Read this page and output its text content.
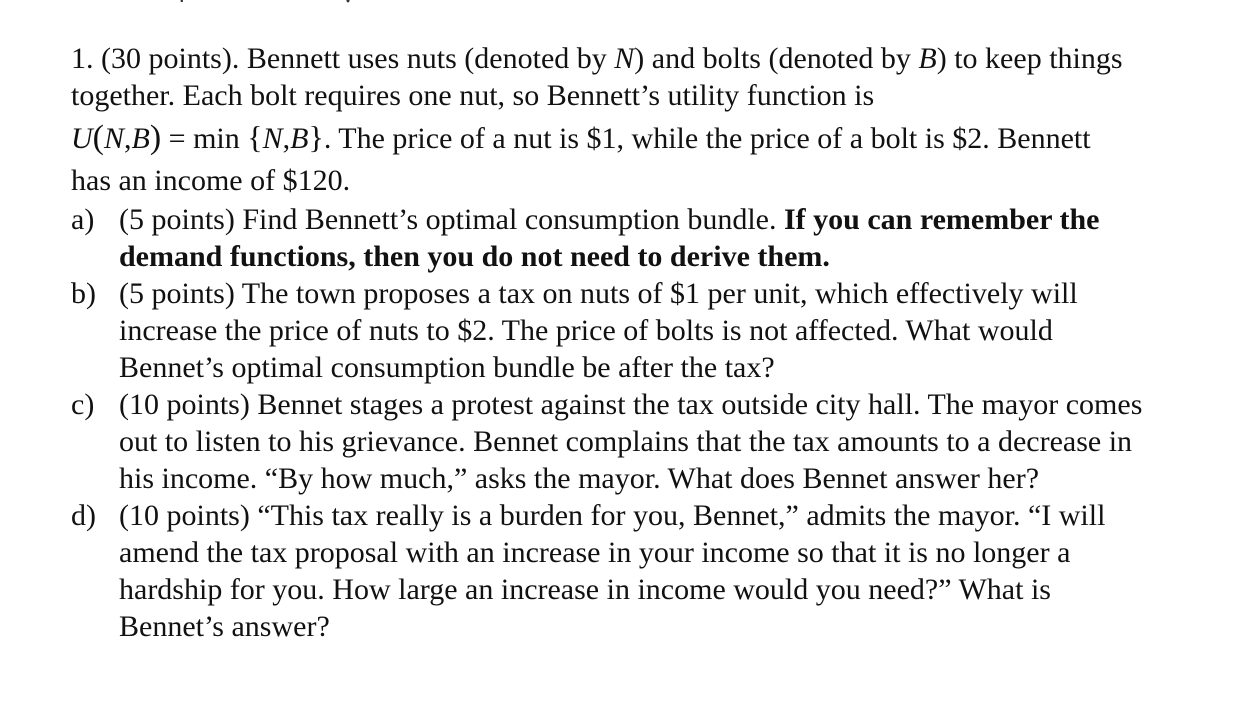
1. (30 points). Bennett uses nuts (denoted by N) and bolts (denoted by B) to keep things
together. Each bolt requires one nut, so Bennett’s utility function is
U(N,B) = min {N,B}. The price of a nut is $1, while the price of a bolt is $2. Bennett
has an income of $120.
a) (5 points) Find Bennett’s optimal consumption bundle. If you can remember the
demand functions, then you do not need to derive them.
b) (5 points) The town proposes a tax on nuts of $1 per unit, which effectively will
increase the price of nuts to $2. The price of bolts is not affected. What would
Bennet’s optimal consumption bundle be after the tax?
c) (10 points) Bennet stages a protest against the tax outside city hall. The mayor comes
out to listen to his grievance. Bennet complains that the tax amounts to a decrease in
his income. “By how much,” asks the mayor. What does Bennet answer her?
d) (10 points) “This tax really is a burden for you, Bennet,” admits the mayor. “I will
amend the tax proposal with an increase in your income so that it is no longer a
hardship for you. How large an increase in income would you need?” What is
Bennet’s answer?
